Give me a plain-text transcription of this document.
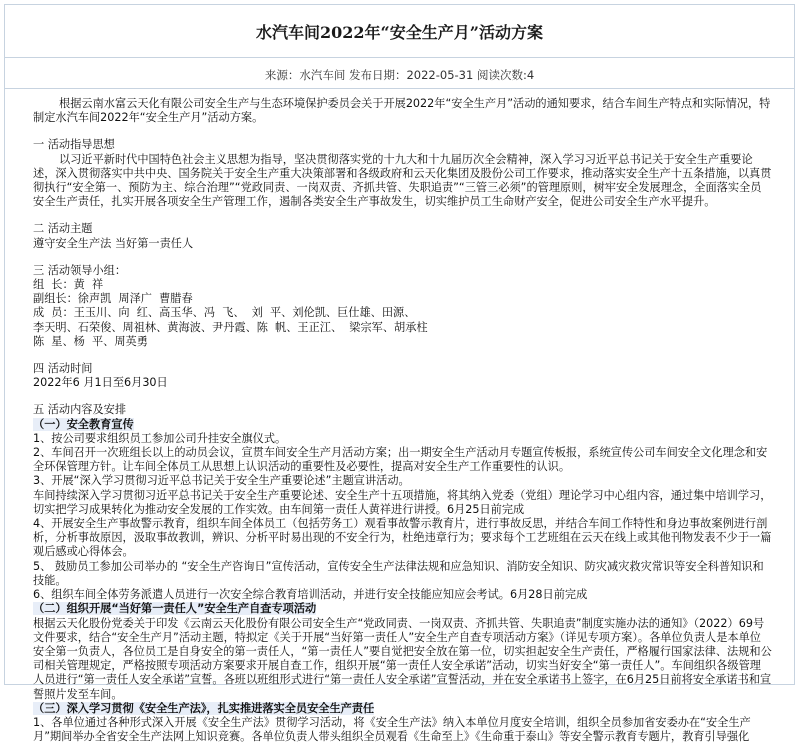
水汽车间2022年“安全生产月”活动方案
来源：水汽车间 发布日期：2022-05-31 阅读次数:4

根据云南水富云天化有限公司安全生产与生态环境保护委员会关于开展2022年“安全生产月”活动的通知要求，结合车间生产特点和实际情况，特制定水汽车间2022年“安全生产月”活动方案。

一 活动指导思想

以习近平新时代中国特色社会主义思想为指导，坚决贯彻落实党的十九大和十九届历次全会精神，深入学习习近平总书记关于安全生产重要论述，深入贯彻落实中共中央、国务院关于安全生产重大决策部署和各级政府和云天化集团及股份公司工作要求，推动落实安全生产十五条措施，以真贯彻执行“安全第一、预防为主、综合治理”“党政同责、一岗双责、齐抓共管、失职追责”“三管三必须”的管理原则，树牢安全发展理念，全面落实全员安全生产责任，扎实开展各项安全生产管理工作，遏制各类安全生产事故发生，切实维护员工生命财产安全，促进公司安全生产水平提升。

二 活动主题

遵守安全生产法 当好第一责任人

三 活动领导小组：

组  长：黄  祥

副组长：徐声凯  周泽广  曹腊春

成  员：王玉川、向  红、高玉华、冯  飞、  刘  平、刘伦凯、巨仕雄、田源、

李天明、石荣俊、周祖林、黄海波、尹丹霞、陈  帆、王正江、  梁宗军、胡承柱

陈  星、杨  平、周英勇

四 活动时间

2022年6 月1日至6月30日

五 活动内容及安排

（一）安全教育宣传

1、按公司要求组织员工参加公司升挂安全旗仪式。

2、车间召开一次班组长以上的动员会议，宣贯车间安全生产月活动方案；出一期安全生产活动月专题宣传板报，系统宣传公司车间安全文化理念和安全环保管理方针。让车间全体员工从思想上认识活动的重要性及必要性，提高对安全生产工作重要性的认识。

3、开展“深入学习贯彻习近平总书记关于安全生产重要论述”主题宣讲活动。

车间持续深入学习贯彻习近平总书记关于安全生产重要论述、安全生产十五项措施，将其纳入党委（党组）理论学习中心组内容，通过集中培训学习，切实把学习成果转化为推动安全发展的工作实效。由车间第一责任人黄祥进行讲授。6月25日前完成

4、开展安全生产事故警示教育，组织车间全体员工（包括劳务工）观看事故警示教育片，进行事故反思，并结合车间工作特性和身边事故案例进行剖析，分析事故原因，汲取事故教训，辨识、分析平时易出现的不安全行为，杜绝违章行为；要求每个工艺班组在云天在线上或其他刊物发表不少于一篇观后感或心得体会。

5、 鼓励员工参加公司举办的 “安全生产咨询日”宣传活动，宣传安全生产法律法规和应急知识、消防安全知识、防灾减灾救灾常识等安全科普知识和技能。

6、组织车间全体劳务派遣人员进行一次安全综合教育培训活动，并进行安全技能应知应会考试。6月28日前完成

（二）组织开展“当好第一责任人”安全生产自查专项活动

根据云天化股份党委关于印发《云南云天化股份有限公司安全生产“党政同责、一岗双责、齐抓共管、失职追责”制度实施办法的通知》（2022）69号文件要求，结合“安全生产月”活动主题，特拟定《关于开展“当好第一责任人”安全生产自查专项活动方案》（详见专项方案）。各单位负责人是本单位安全第一负责人，各位员工是自身安全的第一责任人，“第一责任人”要自觉把安全放在第一位，切实担起安全生产责任，严格履行国家法律、法规和公司相关管理规定，严格按照专项活动方案要求开展自查工作，组织开展“第一责任人安全承诺”活动，切实当好安全“第一责任人”。车间组织各级管理人员进行“第一责任人安全承诺”宣誓。各班以班组形式进行“第一责任人安全承诺”宣誓活动，并在安全承诺书上签字，在6月25日前将安全承诺书和宣誓照片发至车间。

（三）深入学习贯彻《安全生产法》，扎实推进落实全员安全生产责任

1、各单位通过各种形式深入开展《安全生产法》贯彻学习活动，将《安全生产法》纳入本单位月度安全培训，组织全员参加省安委办在“安全生产月”期间举办全省安全生产法网上知识竞赛。各单位负责人带头组织全员观看《生命至上》《生命重于泰山》等安全警示教育专题片，教育引导强化
